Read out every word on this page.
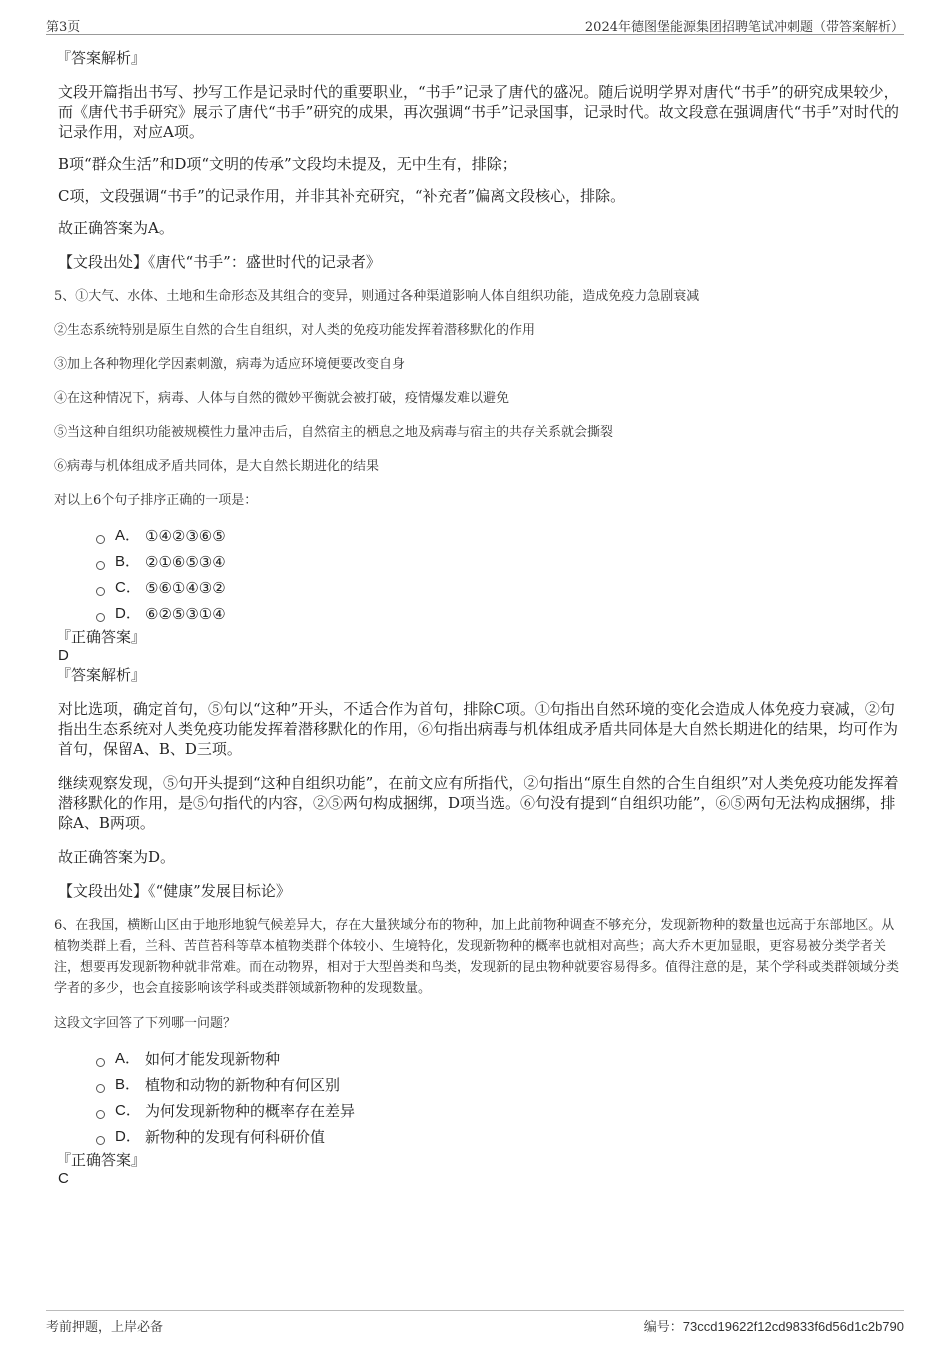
第3页	2024年德图堡能源集团招聘笔试冲刺题（带答案解析）
『答案解析』

文段开篇指出书写、抄写工作是记录时代的重要职业，“书手”记录了唐代的盛况。随后说明学界对唐代“书手”的研究成果较少，而《唐代书手研究》展示了唐代“书手”研究的成果，再次强调“书手”记录国事，记录时代。故文段意在强调唐代“书手”对时代的记录作用，对应A项。

B项“群众生活”和D项“文明的传承”文段均未提及，无中生有，排除；

C项，文段强调“书手”的记录作用，并非其补充研究，“补充者”偏离文段核心，排除。

故正确答案为A。

【文段出处】《唐代“书手”：盛世时代的记录者》

5、①大气、水体、土地和生命形态及其组合的变异，则通过各种渠道影响人体自组织功能，造成免疫力急剧衰减
②生态系统特别是原生自然的合生自组织，对人类的免疫功能发挥着潜移默化的作用
③加上各种物理化学因素刺激，病毒为适应环境便要改变自身
④在这种情况下，病毒、人体与自然的微妙平衡就会被打破，疫情爆发难以避免
⑤当这种自组织功能被规模性力量冲击后，自然宿主的栖息之地及病毒与宿主的共存关系就会撕裂
⑥病毒与机体组成矛盾共同体，是大自然长期进化的结果
对以上6个句子排序正确的一项是：
A． ①④②③⑥⑤
B． ②①⑥⑤③④
C． ⑤⑥①④③②
D． ⑥②⑤③①④
『正确答案』
D
『答案解析』

对比选项，确定首句，⑤句以“这种”开头，不适合作为首句，排除C项。①句指出自然环境的变化会造成人体免疫力衰减，②句指出生态系统对人类免疫功能发挥着潜移默化的作用，⑥句指出病毒与机体组成矛盾共同体是大自然长期进化的结果，均可作为首句，保留A、B、D三项。

继续观察发现，⑤句开头提到“这种自组织功能”，在前文应有所指代，②句指出“原生自然的合生自组织”对人类免疫功能发挥着潜移默化的作用，是⑤句指代的内容，②⑤两句构成捆绑，D项当选。⑥句没有提到“自组织功能”，⑥⑤两句无法构成捆绑，排除A、B两项。

故正确答案为D。

【文段出处】《“健康”发展目标论》

6、在我国，横断山区由于地形地貌气候差异大，存在大量狭域分布的物种，加上此前物种调查不够充分，发现新物种的数量也远高于东部地区。从植物类群上看，兰科、苦苣苔科等草本植物类群个体较小、生境特化，发现新物种的概率也就相对高些；高大乔木更加显眼，更容易被分类学者关注，想要再发现新物种就非常难。而在动物界，相对于大型兽类和鸟类，发现新的昆虫物种就要容易得多。值得注意的是，某个学科或类群领域分类学者的多少，也会直接影响该学科或类群领域新物种的发现数量。
这段文字回答了下列哪一问题？
A． 如何才能发现新物种
B． 植物和动物的新物种有何区别
C． 为何发现新物种的概率存在差异
D． 新物种的发现有何科研价值
『正确答案』
C
考前押题，上岸必备	编号：73ccd19622f12cd9833f6d56d1c2b790
